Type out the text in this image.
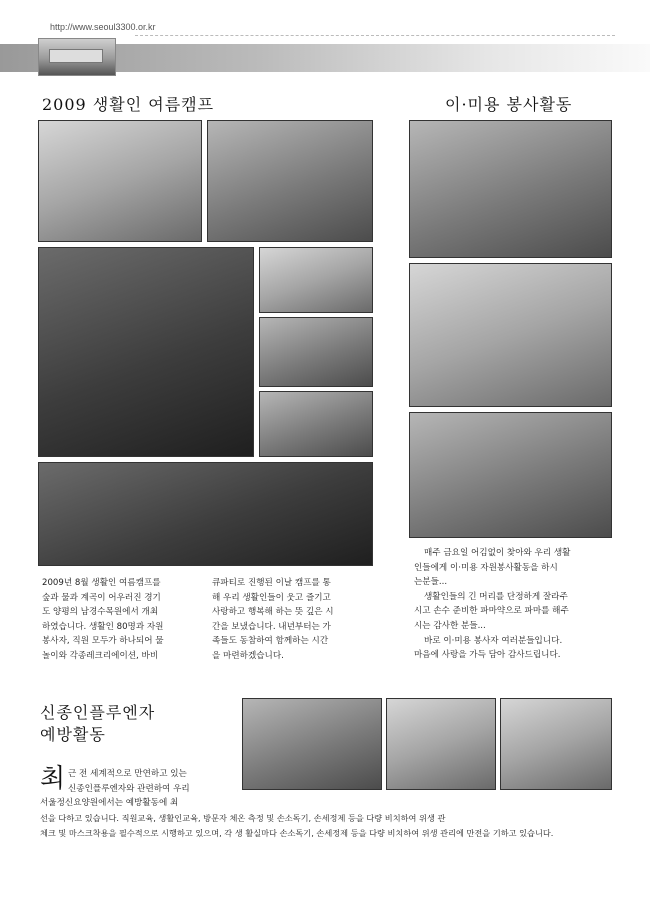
http://www.seoul3300.or.kr
2009 생활인 여름캠프

2009년 8월 생활인 여름캠프를

숲과 물과 계곡이 어우러진 경기

도 양평의 남경수목원에서 개최

하였습니다. 생활인 80명과 자원

봉사자, 직원 모두가 하나되어 물

놀이와 각종레크리에이션, 바비

큐파티로 진행된 이날 캠프를 통

해 우리 생활인들이 웃고 즐기고

사랑하고 행복해 하는 뜻 깊은 시

간을 보냈습니다. 내년부터는 가

족들도 동참하여 함께하는 시간

을 마련하겠습니다.

이·미용 봉사활동

매주 금요일 어김없이 찾아와 우리 생활

인들에게 이·미용 자원봉사활동을 하시

는분들...

생활인들의 긴 머리를 단정하게 잘라주

시고 손수 준비한 파마약으로 파마를 해주

시는 감사한 분들...

바로 이·미용 봉사자 여러분들입니다.

마음에 사랑을 가득 담아 감사드립니다.

신종인플루엔자
예방활동
최 근 전 세계적으로 만연하고 있는

신종인플루엔자와 관련하여 우리

서울정신요양원에서는 예방활동에 최

선을 다하고 있습니다. 직원교육, 생활인교육, 방문자 체온 측정 및 손소독기, 손세정제 등을 다량 비치하여 위생 관

체크 및 마스크착용을 필수적으로 시행하고 있으며, 각 생 활실마다 손소독기, 손세정제 등을 다량 비치하여 위생 관리에 만전을 기하고 있습니다.
